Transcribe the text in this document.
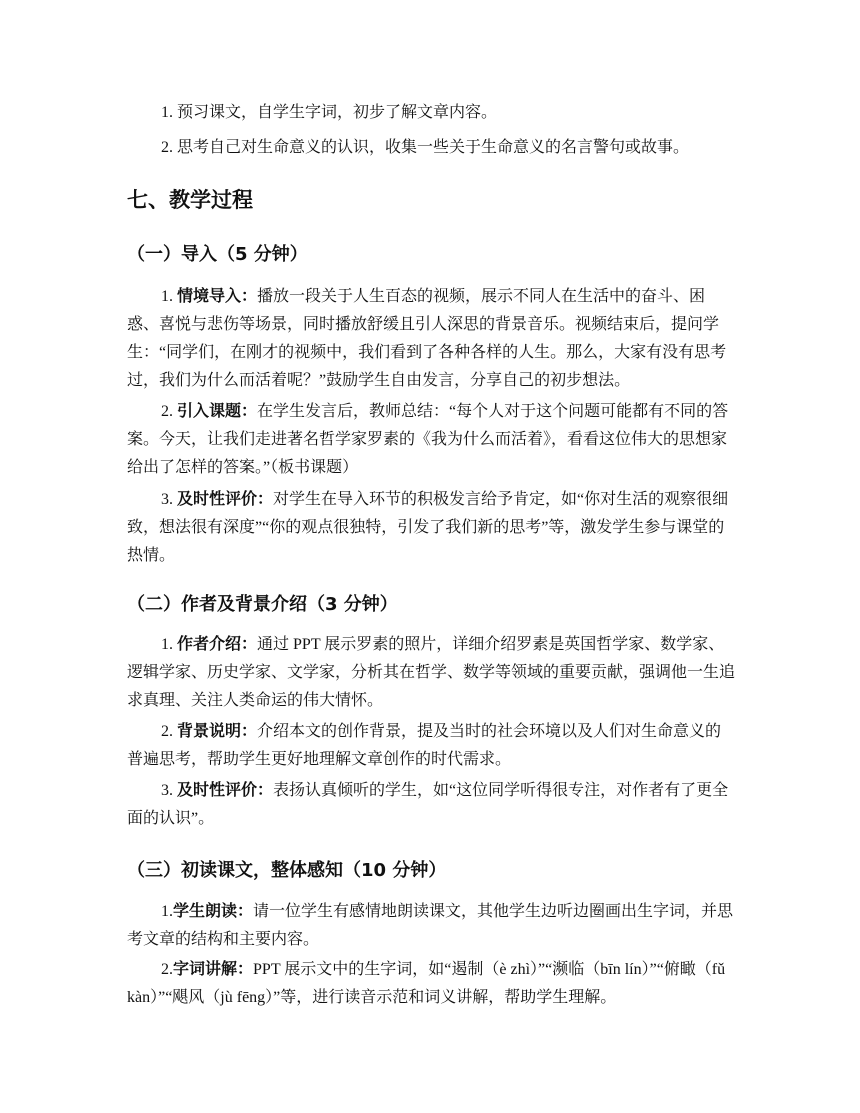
1. 预习课文，自学生字词，初步了解文章内容。

2. 思考自己对生命意义的认识，收集一些关于生命意义的名言警句或故事。

七、教学过程
（一）导入（5 分钟）

1. 情境导入：播放一段关于人生百态的视频，展示不同人在生活中的奋斗、困惑、喜悦与悲伤等场景，同时播放舒缓且引人深思的背景音乐。视频结束后，提问学生：“同学们，在刚才的视频中，我们看到了各种各样的人生。那么，大家有没有思考过，我们为什么而活着呢？”鼓励学生自由发言，分享自己的初步想法。

2. 引入课题：在学生发言后，教师总结：“每个人对于这个问题可能都有不同的答案。今天，让我们走进著名哲学家罗素的《我为什么而活着》，看看这位伟大的思想家给出了怎样的答案。”（板书课题）

3. 及时性评价：对学生在导入环节的积极发言给予肯定，如“你对生活的观察很细致，想法很有深度”“你的观点很独特，引发了我们新的思考”等，激发学生参与课堂的热情。

（二）作者及背景介绍（3 分钟）

1. 作者介绍：通过 PPT 展示罗素的照片，详细介绍罗素是英国哲学家、数学家、逻辑学家、历史学家、文学家，分析其在哲学、数学等领域的重要贡献，强调他一生追求真理、关注人类命运的伟大情怀。

2. 背景说明：介绍本文的创作背景，提及当时的社会环境以及人们对生命意义的普遍思考，帮助学生更好地理解文章创作的时代需求。

3. 及时性评价：表扬认真倾听的学生，如“这位同学听得很专注，对作者有了更全面的认识”。

（三）初读课文，整体感知（10 分钟）

1.学生朗读：请一位学生有感情地朗读课文，其他学生边听边圈画出生字词，并思考文章的结构和主要内容。

2.字词讲解：PPT 展示文中的生字词，如“遏制（è zhì）”“濒临（bīn lín）”“俯瞰（fǔ kàn）”“飓风（jù fēng）”等，进行读音示范和词义讲解，帮助学生理解。
